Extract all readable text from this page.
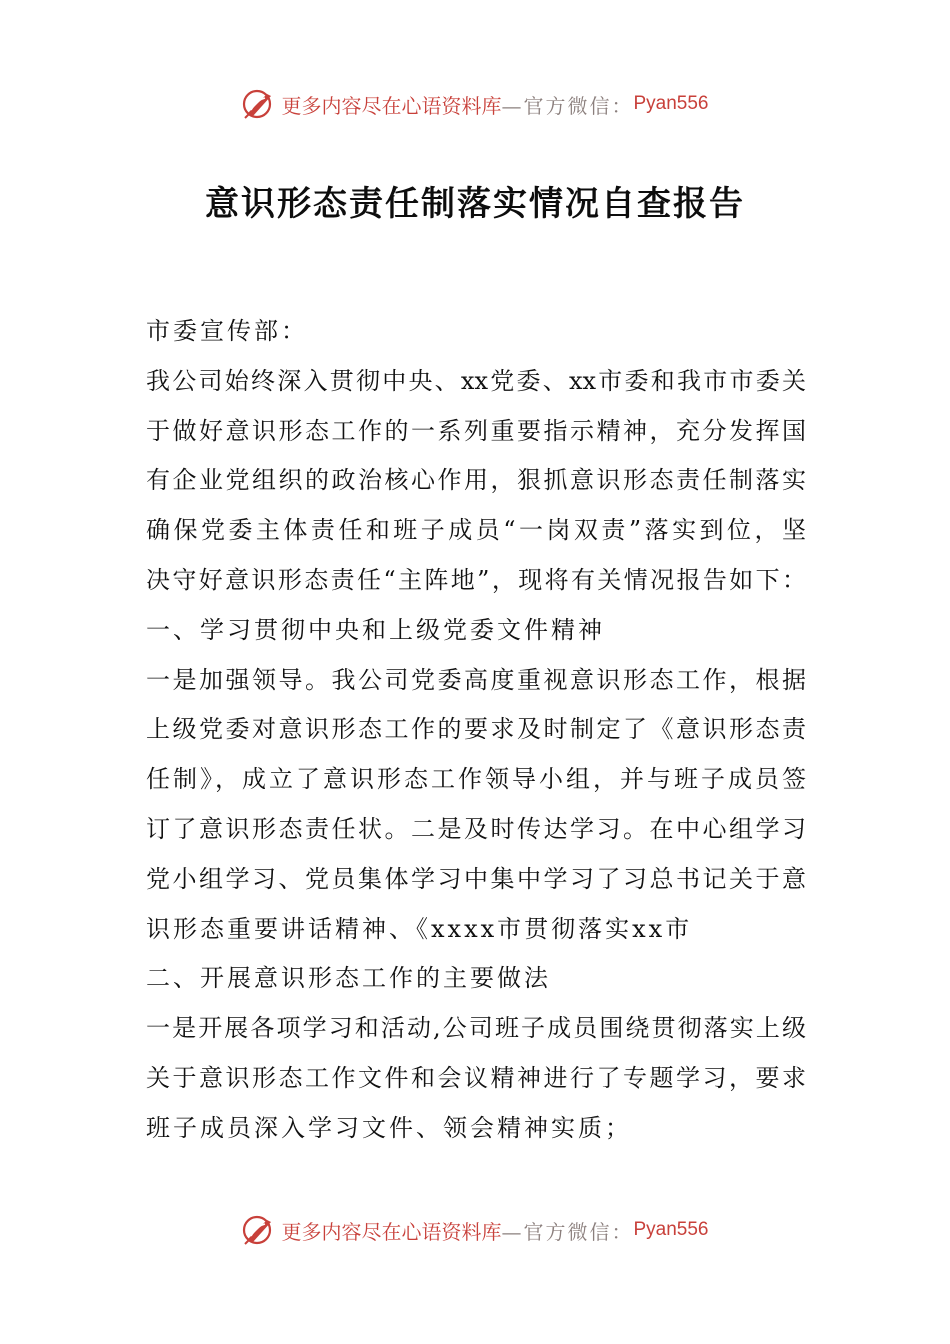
更多内容尽在心语资料库 —官方微信： Pyan556
意识形态责任制落实情况自查报告
市委宣传部：
我公司始终深入贯彻中央、xx党委、xx市委和我市市委关
于做好意识形态工作的一系列重要指示精神，充分发挥国
有企业党组织的政治核心作用，狠抓意识形态责任制落实
确保党委主体责任和班子成员“一岗双责”落实到位，坚
决守好意识形态责任“主阵地”，现将有关情况报告如下：
一、学习贯彻中央和上级党委文件精神
一是加强领导。我公司党委高度重视意识形态工作，根据
上级党委对意识形态工作的要求及时制定了《意识形态责
任制》，成立了意识形态工作领导小组，并与班子成员签
订了意识形态责任状。二是及时传达学习。在中心组学习
党小组学习、党员集体学习中集中学习了习总书记关于意
识形态重要讲话精神、《xxxx市贯彻落实xx市
二、开展意识形态工作的主要做法
一是开展各项学习和活动,公司班子成员围绕贯彻落实上级
关于意识形态工作文件和会议精神进行了专题学习，要求
班子成员深入学习文件、领会精神实质；
更多内容尽在心语资料库 —官方微信： Pyan556
